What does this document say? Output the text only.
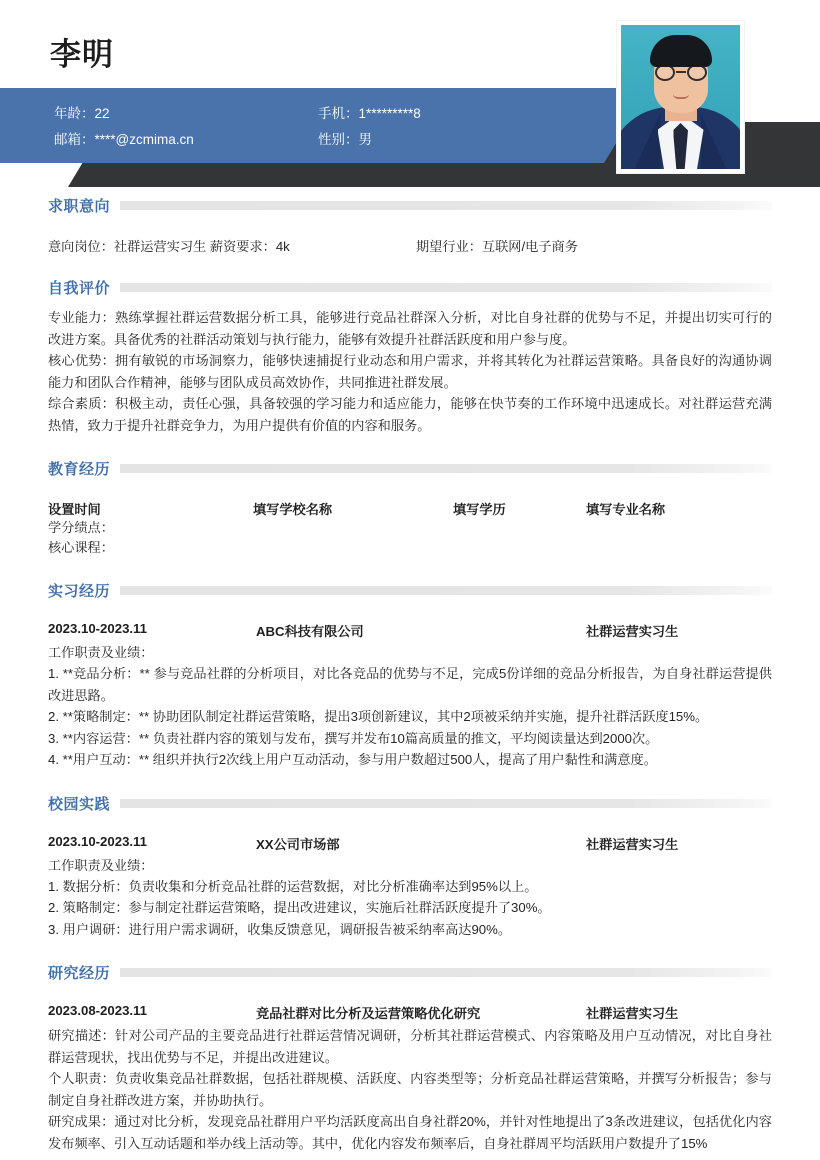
李明
年龄：22	手机：1*********8
邮箱：****@zcmima.cn	性别：男
求职意向
意向岗位：社群运营实习生 薪资要求：4k	期望行业：互联网/电子商务
自我评价
专业能力：熟练掌握社群运营数据分析工具，能够进行竞品社群深入分析，对比自身社群的优势与不足，并提出切实可行的改进方案。具备优秀的社群活动策划与执行能力，能够有效提升社群活跃度和用户参与度。
核心优势：拥有敏锐的市场洞察力，能够快速捕捉行业动态和用户需求，并将其转化为社群运营策略。具备良好的沟通协调能力和团队合作精神，能够与团队成员高效协作，共同推进社群发展。
综合素质：积极主动，责任心强，具备较强的学习能力和适应能力，能够在快节奏的工作环境中迅速成长。对社群运营充满热情，致力于提升社群竞争力，为用户提供有价值的内容和服务。
教育经历
设置时间	填写学校名称	填写学历	填写专业名称
学分绩点：
核心课程：
实习经历
2023.10-2023.11	ABC科技有限公司	社群运营实习生
工作职责及业绩：
1. **竞品分析：** 参与竞品社群的分析项目，对比各竞品的优势与不足，完成5份详细的竞品分析报告，为自身社群运营提供改进思路。
2. **策略制定：** 协助团队制定社群运营策略，提出3项创新建议，其中2项被采纳并实施，提升社群活跃度15%。
3. **内容运营：** 负责社群内容的策划与发布，撰写并发布10篇高质量的推文，平均阅读量达到2000次。
4. **用户互动：** 组织并执行2次线上用户互动活动，参与用户数超过500人，提高了用户黏性和满意度。
校园实践
2023.10-2023.11	XX公司市场部	社群运营实习生
工作职责及业绩：
1. 数据分析：负责收集和分析竞品社群的运营数据，对比分析准确率达到95%以上。
2. 策略制定：参与制定社群运营策略，提出改进建议，实施后社群活跃度提升了30%。
3. 用户调研：进行用户需求调研，收集反馈意见，调研报告被采纳率高达90%。
研究经历
2023.08-2023.11	竞品社群对比分析及运营策略优化研究	社群运营实习生
研究描述：针对公司产品的主要竞品进行社群运营情况调研，分析其社群运营模式、内容策略及用户互动情况，对比自身社群运营现状，找出优势与不足，并提出改进建议。
个人职责：负责收集竞品社群数据，包括社群规模、活跃度、内容类型等；分析竞品社群运营策略，并撰写分析报告；参与制定自身社群改进方案，并协助执行。
研究成果：通过对比分析，发现竞品社群用户平均活跃度高出自身社群20%，并针对性地提出了3条改进建议，包括优化内容发布频率、引入互动话题和举办线上活动等。其中，优化内容发布频率后，自身社群周平均活跃用户数提升了15%
